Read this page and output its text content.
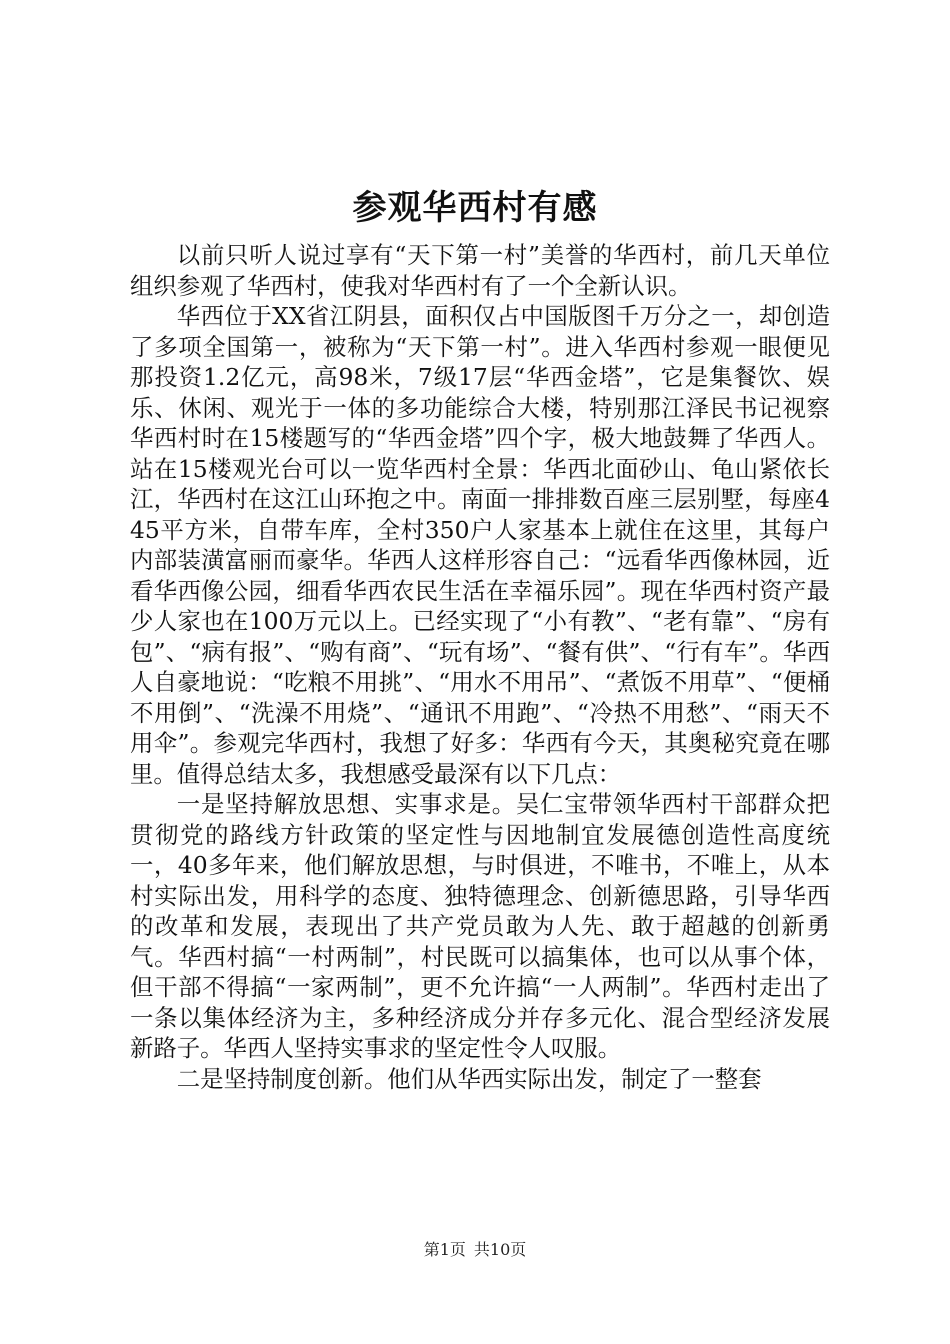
参观华西村有感

以前只听人说过享有“天下第一村”美誉的华西村，前几天单位组织参观了华西村，使我对华西村有了一个全新认识。

华西位于XX省江阴县，面积仅占中国版图千万分之一，却创造了多项全国第一，被称为“天下第一村”。进入华西村参观一眼便见那投资1.2亿元，高98米，7级17层“华西金塔”，它是集餐饮、娱乐、休闲、观光于一体的多功能综合大楼，特别那江泽民书记视察华西村时在15楼题写的“华西金塔”四个字，极大地鼓舞了华西人。站在15楼观光台可以一览华西村全景：华西北面砂山、龟山紧依长江，华西村在这江山环抱之中。南面一排排数百座三层别墅，每座445平方米，自带车库，全村350户人家基本上就住在这里，其每户内部装潢富丽而豪华。华西人这样形容自己：“远看华西像林园，近看华西像公园，细看华西农民生活在幸福乐园”。现在华西村资产最少人家也在100万元以上。已经实现了“小有教”、“老有靠”、“房有包”、“病有报”、“购有商”、“玩有场”、“餐有供”、“行有车”。华西人自豪地说：“吃粮不用挑”、“用水不用吊”、“煮饭不用草”、“便桶不用倒”、“洗澡不用烧”、“通讯不用跑”、“冷热不用愁”、“雨天不用伞”。参观完华西村，我想了好多：华西有今天，其奥秘究竟在哪里。值得总结太多，我想感受最深有以下几点：

一是坚持解放思想、实事求是。吴仁宝带领华西村干部群众把贯彻党的路线方针政策的坚定性与因地制宜发展德创造性高度统一，40多年来，他们解放思想，与时俱进，不唯书，不唯上，从本村实际出发，用科学的态度、独特德理念、创新德思路，引导华西的改革和发展，表现出了共产党员敢为人先、敢于超越的创新勇气。华西村搞“一村两制”，村民既可以搞集体，也可以从事个体，但干部不得搞“一家两制”，更不允许搞“一人两制”。华西村走出了一条以集体经济为主，多种经济成分并存多元化、混合型经济发展新路子。华西人坚持实事求的坚定性令人叹服。

二是坚持制度创新。他们从华西实际出发，制定了一整套

第1页 共10页
